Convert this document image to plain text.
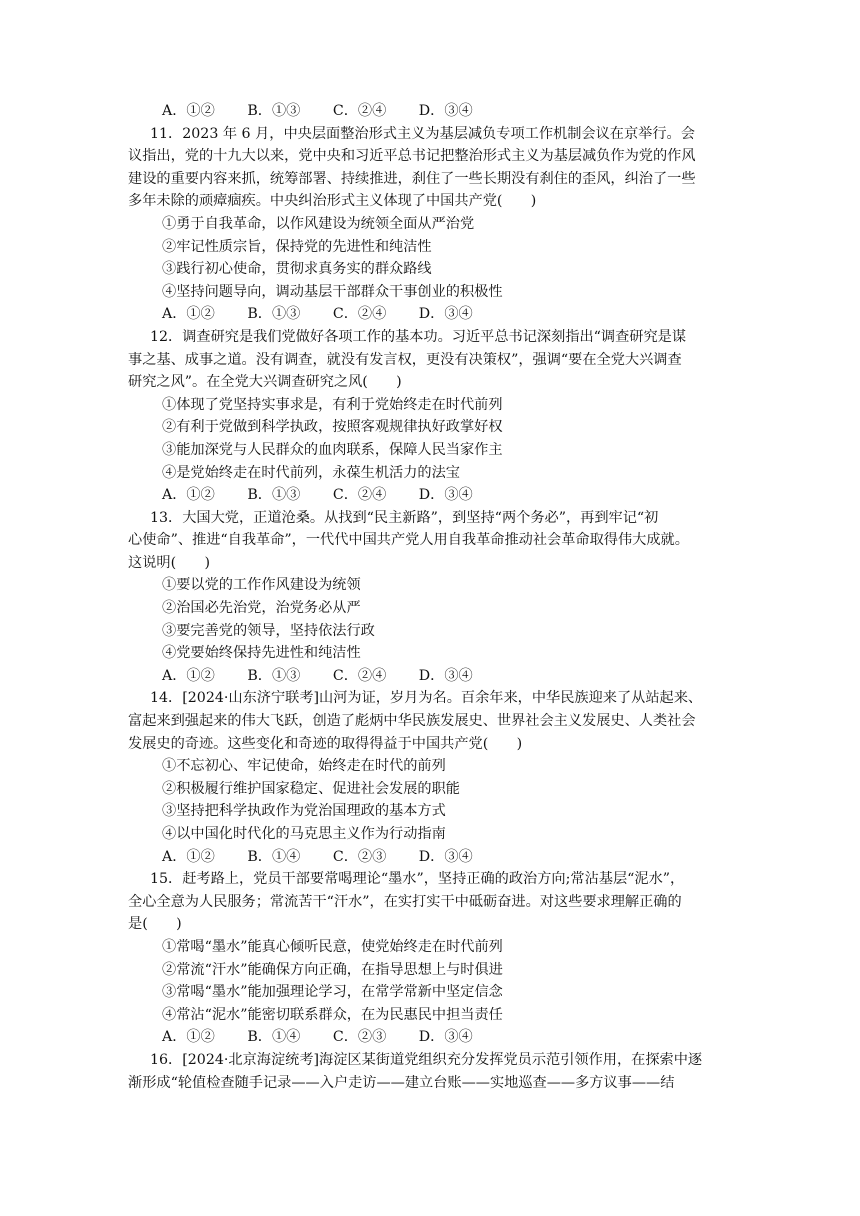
A．①② B．①③ C．②④ D．③④
11．2023 年 6 月，中央层面整治形式主义为基层减负专项工作机制会议在京举行。会
议指出，党的十九大以来，党中央和习近平总书记把整治形式主义为基层减负作为党的作风
建设的重要内容来抓，统筹部署、持续推进，刹住了一些长期没有刹住的歪风，纠治了一些
多年未除的顽瘴痼疾。中央纠治形式主义体现了中国共产党(　　)
①勇于自我革命，以作风建设为统领全面从严治党
②牢记性质宗旨，保持党的先进性和纯洁性
③践行初心使命，贯彻求真务实的群众路线
④坚持问题导向，调动基层干部群众干事创业的积极性
A．①② B．①③ C．②④ D．③④
12．调查研究是我们党做好各项工作的基本功。习近平总书记深刻指出“调查研究是谋
事之基、成事之道。没有调查，就没有发言权，更没有决策权”，强调“要在全党大兴调查
研究之风”。在全党大兴调查研究之风(　　)
①体现了党坚持实事求是，有利于党始终走在时代前列
②有利于党做到科学执政，按照客观规律执好政掌好权
③能加深党与人民群众的血肉联系，保障人民当家作主
④是党始终走在时代前列，永葆生机活力的法宝
A．①② B．①③ C．②④ D．③④
13．大国大党，正道沧桑。从找到“民主新路”，到坚持“两个务必”，再到牢记“初
心使命”、推进“自我革命”，一代代中国共产党人用自我革命推动社会革命取得伟大成就。
这说明(　　)
①要以党的工作作风建设为统领
②治国必先治党，治党务必从严
③要完善党的领导，坚持依法行政
④党要始终保持先进性和纯洁性
A．①② B．①③ C．②④ D．③④
14．[2024·山东济宁联考]山河为证，岁月为名。百余年来，中华民族迎来了从站起来、
富起来到强起来的伟大飞跃，创造了彪炳中华民族发展史、世界社会主义发展史、人类社会
发展史的奇迹。这些变化和奇迹的取得得益于中国共产党(　　)
①不忘初心、牢记使命，始终走在时代的前列
②积极履行维护国家稳定、促进社会发展的职能
③坚持把科学执政作为党治国理政的基本方式
④以中国化时代化的马克思主义作为行动指南
A．①② B．①④ C．②③ D．③④
15．赶考路上，党员干部要常喝理论“墨水”，坚持正确的政治方向;常沾基层“泥水”，
全心全意为人民服务；常流苦干“汗水”，在实打实干中砥砺奋进。对这些要求理解正确的
是(　　)
①常喝“墨水”能真心倾听民意，使党始终走在时代前列
②常流“汗水”能确保方向正确，在指导思想上与时俱进
③常喝“墨水”能加强理论学习，在常学常新中坚定信念
④常沾“泥水”能密切联系群众，在为民惠民中担当责任
A．①② B．①④ C．②③ D．③④
16．[2024·北京海淀统考]海淀区某街道党组织充分发挥党员示范引领作用，在探索中逐
渐形成“轮值检查随手记录——入户走访——建立台账——实地巡查——多方议事——结
